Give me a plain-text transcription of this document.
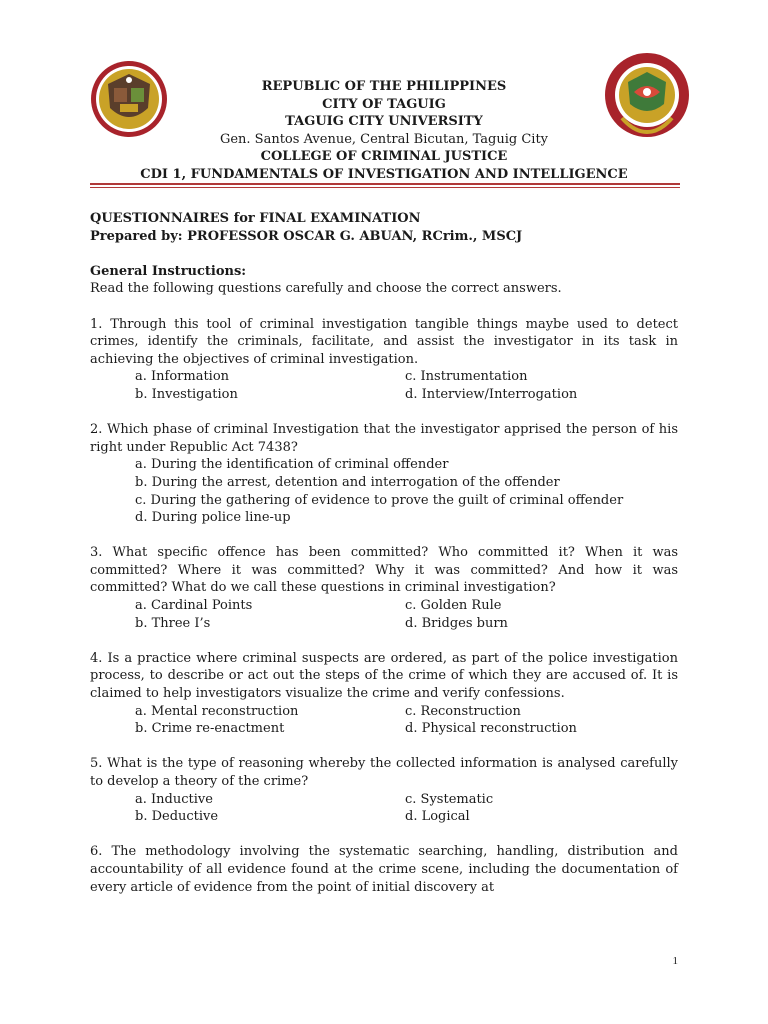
REPUBLIC OF THE PHILIPPINES
CITY OF TAGUIG
TAGUIG CITY UNIVERSITY
Gen. Santos Avenue, Central Bicutan, Taguig City
COLLEGE OF CRIMINAL JUSTICE
CDI 1, FUNDAMENTALS OF INVESTIGATION AND INTELLIGENCE

QUESTIONNAIRES for FINAL EXAMINATION

Prepared by: PROFESSOR OSCAR G. ABUAN, RCrim., MSCJ

General Instructions:

Read the following questions carefully and choose the correct answers.

1. Through this tool of criminal investigation tangible things maybe used to detect crimes, identify the criminals, facilitate, and assist the investigator in its task in achieving the objectives of criminal investigation.

a. Information	c. Instrumentation
b. Investigation	d. Interview/Interrogation

2. Which phase of criminal Investigation that the investigator apprised the person of his right under Republic Act 7438?

a. During the identification of criminal offender
b. During the arrest, detention and interrogation of the offender
c. During the gathering of evidence to prove the guilt of criminal offender
d. During police line-up

3. What specific offence has been committed? Who committed it? When it was committed? Where it was committed? Why it was committed? And how it was committed? What do we call these questions in criminal investigation?

a. Cardinal Points	c. Golden Rule
b. Three I’s	d. Bridges burn

4. Is a practice where criminal suspects are ordered, as part of the police investigation process, to describe or act out the steps of the crime of which they are accused of. It is claimed to help investigators visualize the crime and verify confessions.

a. Mental reconstruction	c. Reconstruction
b. Crime re-enactment	d. Physical reconstruction

5. What is the type of reasoning whereby the collected information is analysed carefully to develop a theory of the crime?

a. Inductive	c. Systematic
b. Deductive	d. Logical

6. The methodology involving the systematic searching, handling, distribution and accountability of all evidence found at the crime scene, including the documentation of every article of evidence from the point of initial discovery at

1
